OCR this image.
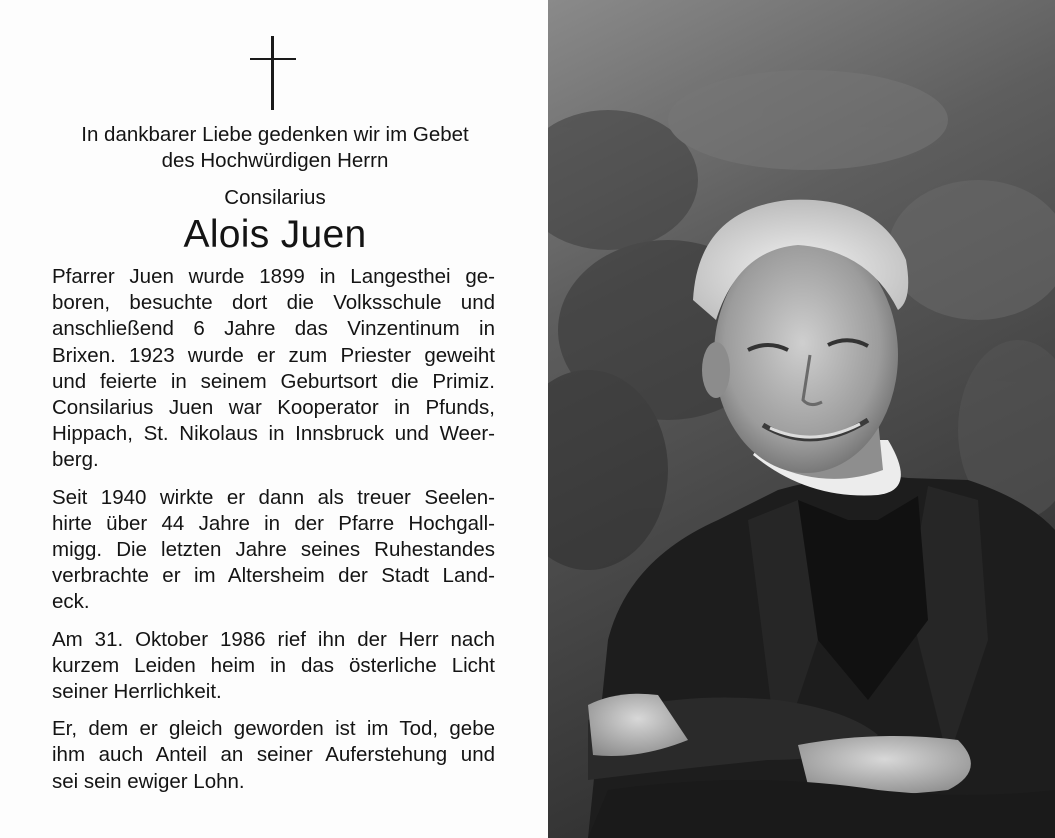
In dankbarer Liebe gedenken wir im Gebet
des Hochwürdigen Herrn
Consilarius
Alois Juen
Pfarrer Juen wurde 1899 in Langesthei ge-
boren, besuchte dort die Volksschule und
anschließend 6 Jahre das Vinzentinum in
Brixen. 1923 wurde er zum Priester geweiht
und feierte in seinem Geburtsort die Primiz.
Consilarius Juen war Kooperator in Pfunds,
Hippach, St. Nikolaus in Innsbruck und Weer-
berg.
Seit 1940 wirkte er dann als treuer Seelen-
hirte über 44 Jahre in der Pfarre Hochgall-
migg. Die letzten Jahre seines Ruhestandes
verbrachte er im Altersheim der Stadt Land-
eck.
Am 31. Oktober 1986 rief ihn der Herr nach
kurzem Leiden heim in das österliche Licht
seiner Herrlichkeit.
Er, dem er gleich geworden ist im Tod, gebe
ihm auch Anteil an seiner Auferstehung und
sei sein ewiger Lohn.
